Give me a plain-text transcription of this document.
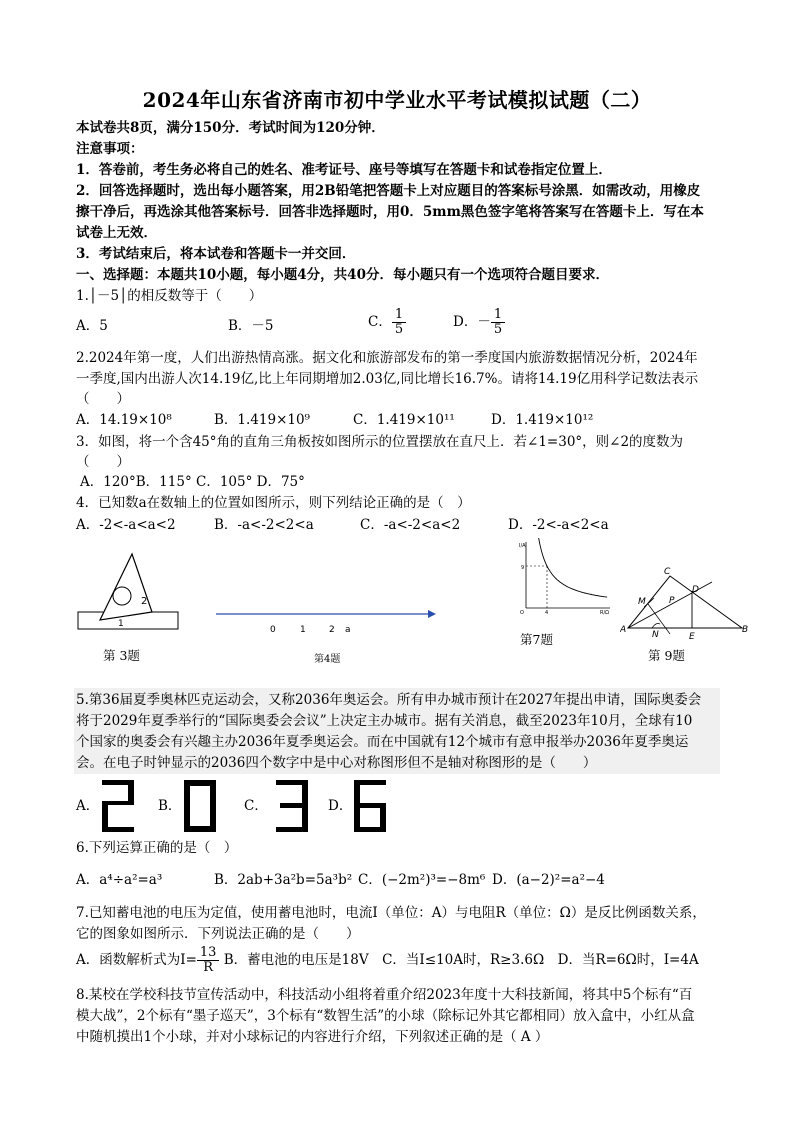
2024年山东省济南市初中学业水平考试模拟试题（二）
本试卷共8页，满分150分．考试时间为120分钟．
注意事项：
1．答卷前，考生务必将自己的姓名、准考证号、座号等填写在答题卡和试卷指定位置上．
2．回答选择题时，选出每小题答案，用2B铅笔把答题卡上对应题目的答案标号涂黑．如需改动，用橡皮
擦干净后，再选涂其他答案标号．回答非选择题时，用0．5mm黑色签字笔将答案写在答题卡上．写在本
试卷上无效．
3．考试结束后，将本试卷和答题卡一并交回．
一、选择题：本题共10小题，每小题4分，共40分．每小题只有一个选项符合题目要求．
1.│－5│的相反数等于（　　）
A．5	B．－5	C． $\frac{1}{5}$	D．－ $\frac{1}{5}$
2.2024年第一度，人们出游热情高涨。据文化和旅游部发布的第一季度国内旅游数据情况分析，2024年
一季度,国内出游人次14.19亿,比上年同期增加2.03亿,同比增长16.7%。请将14.19亿用科学记数法表示
（　　）
A．14.19×10⁸	B．1.419×10⁹	C．1.419×10¹¹	D．1.419×10¹²
3．如图，将一个含45°角的直角三角板按如图所示的位置摆放在直尺上．若∠1=30°，则∠2的度数为
（　　）
A．120°B．115° C．105° D．75°
4．已知数a在数轴上的位置如图所示，则下列结论正确的是（　）
A．-2<-a<a<2	B．-a<-2<2<a	C．-a<-2<a<2	D．-2<-a<2<a
2
1
第 3题
0	1	2 a
第4题
I/A
R/Ω
9
4
O
第7题
A	B
C
D
E
M
N
P
第 9题
5.第36届夏季奥林匹克运动会，又称2036年奥运会。所有申办城市预计在2027年提出申请，国际奥委会
将于2029年夏季举行的“国际奥委会会议”上决定主办城市。据有关消息，截至2023年10月，全球有10
个国家的奥委会有兴趣主办2036年夏季奥运会。而在中国就有12个城市有意申报举办2036年夏季奥运
会。在电子时钟显示的2036四个数字中是中心对称图形但不是轴对称图形的是（　　）
A．	B．	C．	D．
6.下列运算正确的是（　）
A．a⁴÷a²=a³	B．2ab+3a²b=5a³b² C．(−2m²)³=−8m⁶ D．(a−2)²=a²−4
7.已知蓄电池的电压为定值，使用蓄电池时，电流I（单位：A）与电阻R（单位：Ω）是反比例函数关系，
它的图象如图所示．下列说法正确的是（　　）
A．函数解析式为$I= \frac{13}{R}$ B．蓄电池的电压是18V　C．当I≤10A时，R≥3.6Ω　D．当R=6Ω时，I=4A
8.某校在学校科技节宣传活动中，科技活动小组将着重介绍2023年度十大科技新闻，将其中5个标有“百
模大战”，2个标有“墨子巡天”，3个标有“数智生活”的小球（除标记外其它都相同）放入盒中，小红从盒
中随机摸出1个小球，并对小球标记的内容进行介绍，下列叙述正确的是（ A ）
